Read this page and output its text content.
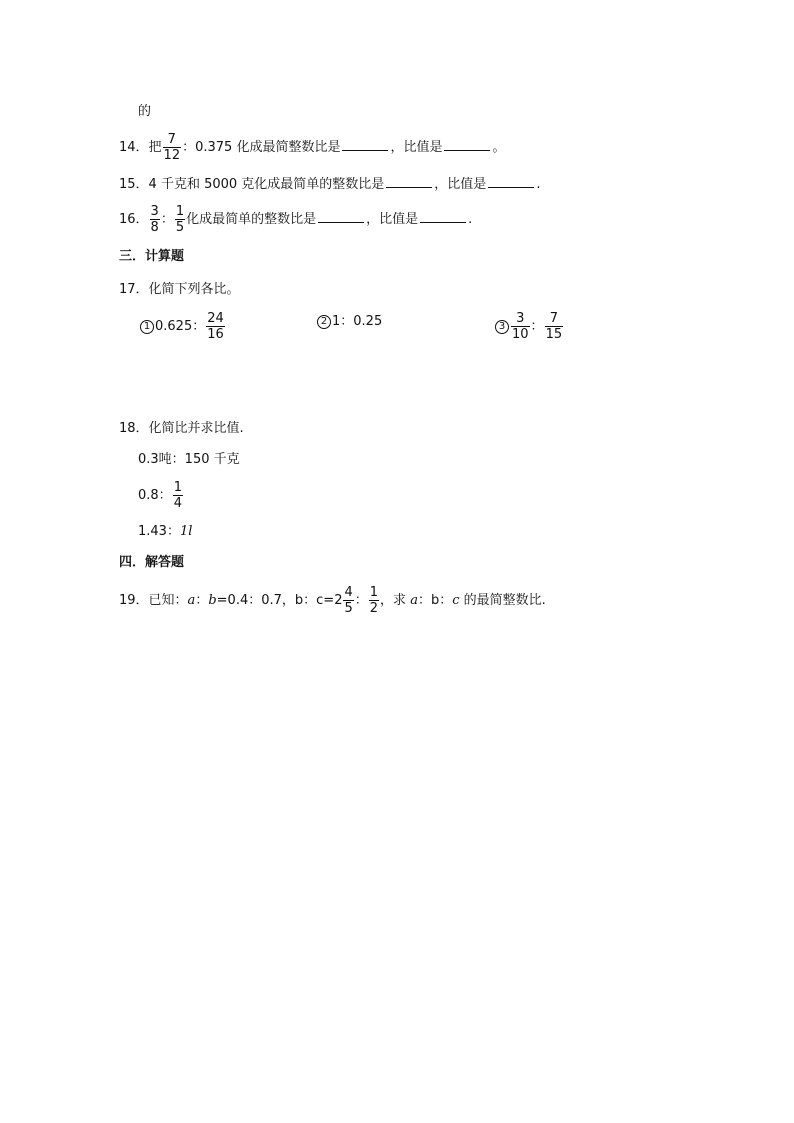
的
14．把 $\frac{7}{12}$ ：0.375 化成最简整数比是	，比值是	。
15．4 千克和 5000 克化成最简单的整数比是	，比值是	.
16． $\frac{3}{8}$ ： $\frac{1}{5}$ 化成最简单的整数比是	，比值是	.
三．计算题
17．化简下列各比。
1 0.625： $\frac{24}{16}$	2 1：0.25	$3 \frac{3}{10}$ ： $\frac{7}{15}$
18．化简比并求比值.
0.3吨：150 千克
0.8： $\frac{1}{4}$
1.43：1l
四．解答题
19．已知：a：b=0.4：0.7，b：$c=2 \frac{4}{5}$ ： $\frac{1}{2}$ ，求 a：b：c 的最简整数比.
